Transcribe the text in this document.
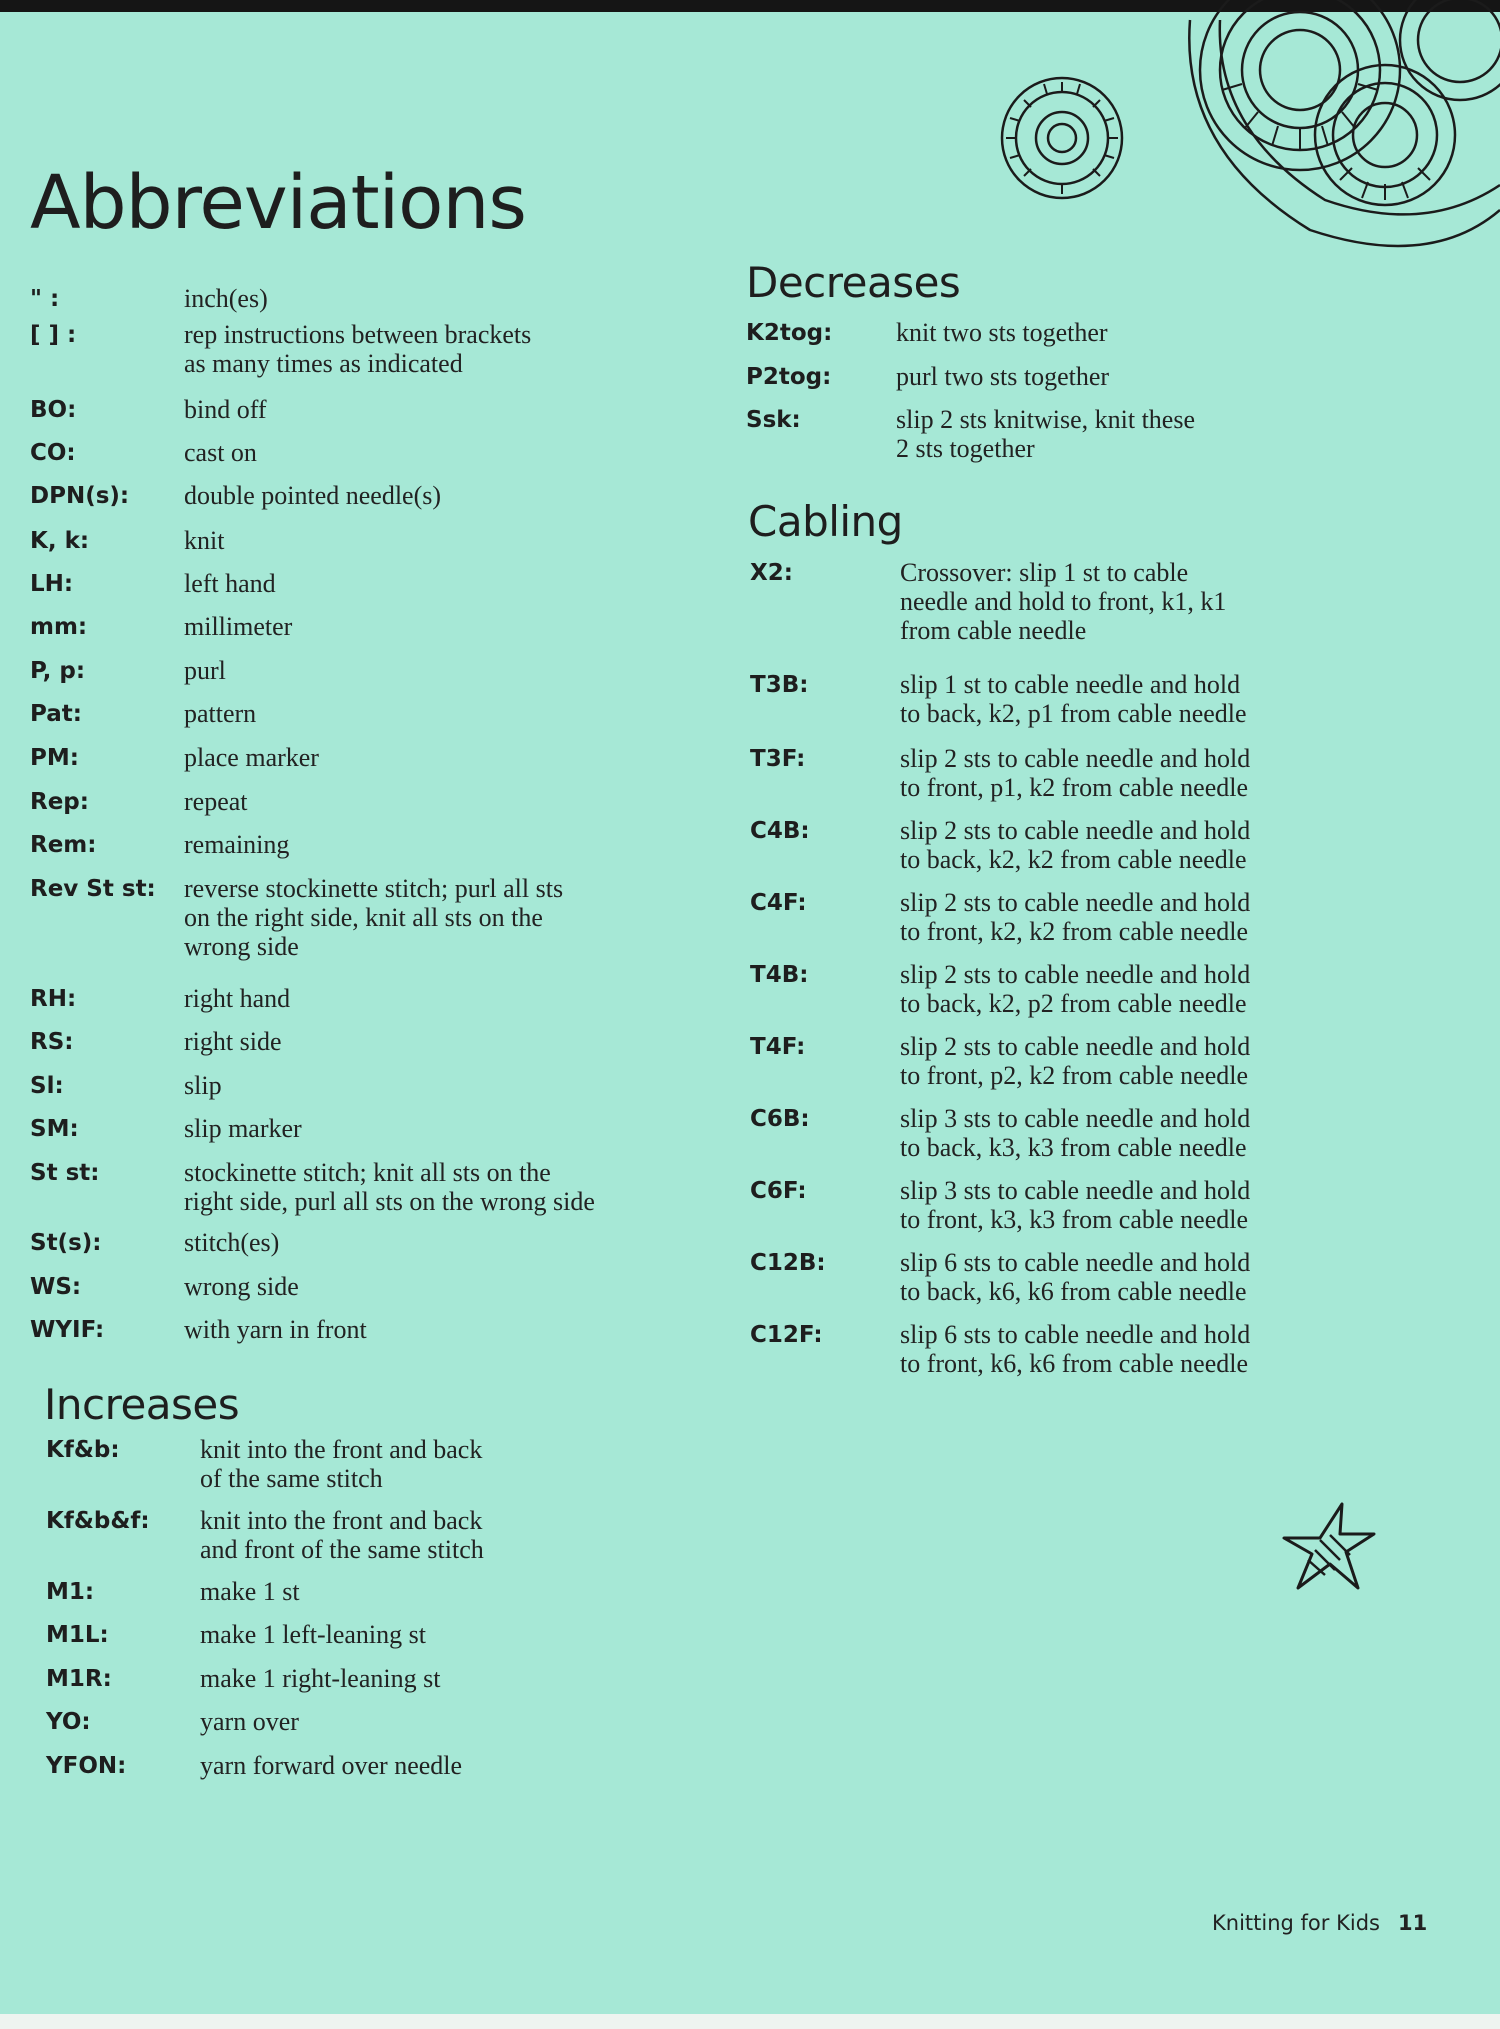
Abbreviations
" :	inch(es)
[ ] :	rep instructions between brackets
as many times as indicated
BO:	bind off
CO:	cast on
DPN(s): double pointed needle(s)
K, k:	knit
LH:	left hand
mm:	millimeter
P, p:	purl
Pat:	pattern
PM:	place marker
Rep:	repeat
Rem:	remaining
Rev St st: reverse stockinette stitch; purl all sts
on the right side, knit all sts on the
wrong side
RH:	right hand
RS:	right side
Sl:	slip
SM:	slip marker
St st:	stockinette stitch; knit all sts on the
right side, purl all sts on the wrong side
St(s):	stitch(es)
WS:	wrong side
WYIF:	with yarn in front
Increases
Kf&b:	knit into the front and back
of the same stitch
Kf&b&f: knit into the front and back
and front of the same stitch
M1:	make 1 st
M1L:	make 1 left-leaning st
M1R:	make 1 right-leaning st
YO:	yarn over
YFON:	yarn forward over needle
Decreases
K2tog: knit two sts together
P2tog: purl two sts together
Ssk:	slip 2 sts knitwise, knit these
2 sts together
Cabling
X2:	Crossover: slip 1 st to cable
needle and hold to front, k1, k1
from cable needle
T3B:	slip 1 st to cable needle and hold
to back, k2, p1 from cable needle
T3F:	slip 2 sts to cable needle and hold
to front, p1, k2 from cable needle
C4B:	slip 2 sts to cable needle and hold
to back, k2, k2 from cable needle
C4F:	slip 2 sts to cable needle and hold
to front, k2, k2 from cable needle
T4B:	slip 2 sts to cable needle and hold
to back, k2, p2 from cable needle
T4F:	slip 2 sts to cable needle and hold
to front, p2, k2 from cable needle
C6B:	slip 3 sts to cable needle and hold
to back, k3, k3 from cable needle
C6F:	slip 3 sts to cable needle and hold
to front, k3, k3 from cable needle
C12B:	slip 6 sts to cable needle and hold
to back, k6, k6 from cable needle
C12F:	slip 6 sts to cable needle and hold
to front, k6, k6 from cable needle
Knitting for Kids 11
